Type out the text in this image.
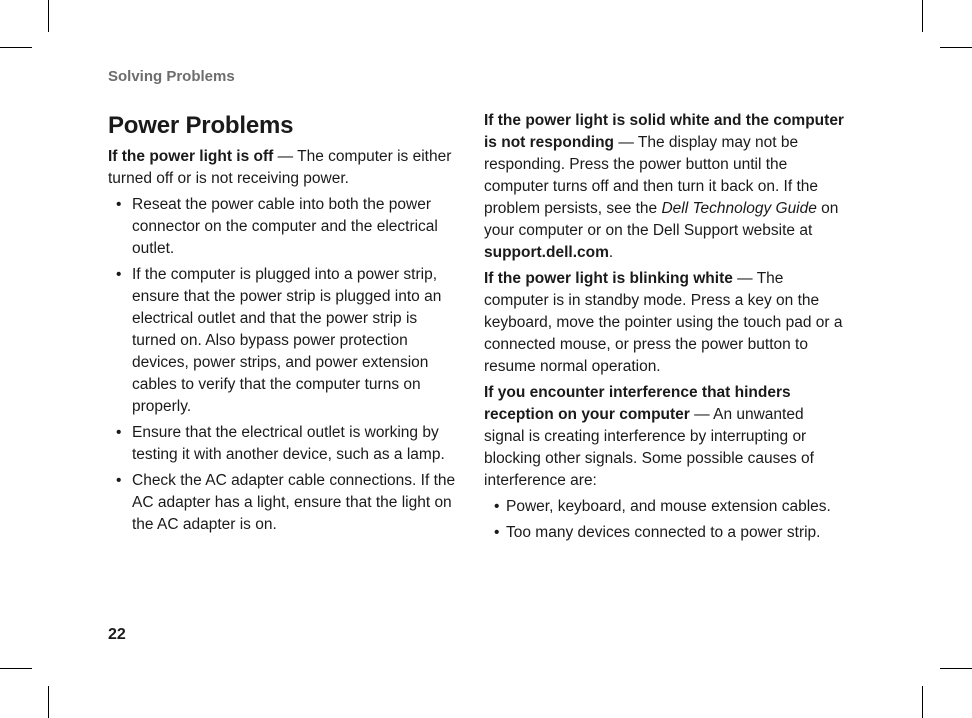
Solving Problems
Power Problems

If the power light is off — The computer is either turned off or is not receiving power.

• Reseat the power cable into both the power connector on the computer and the electrical outlet.
• If the computer is plugged into a power strip, ensure that the power strip is plugged into an electrical outlet and that the power strip is turned on. Also bypass power protection devices, power strips, and power extension cables to verify that the computer turns on properly.
• Ensure that the electrical outlet is working by testing it with another device, such as a lamp.
• Check the AC adapter cable connections. If the AC adapter has a light, ensure that the light on the AC adapter is on.

If the power light is solid white and the computer is not responding — The display may not be responding. Press the power button until the computer turns off and then turn it back on. If the problem persists, see the Dell Technology Guide on your computer or on the Dell Support website at support.dell.com.

If the power light is blinking white — The computer is in standby mode. Press a key on the keyboard, move the pointer using the touch pad or a connected mouse, or press the power button to resume normal operation.

If you encounter interference that hinders reception on your computer — An unwanted signal is creating interference by interrupting or blocking other signals. Some possible causes of interference are:

• Power, keyboard, and mouse extension cables.
• Too many devices connected to a power strip.
22
